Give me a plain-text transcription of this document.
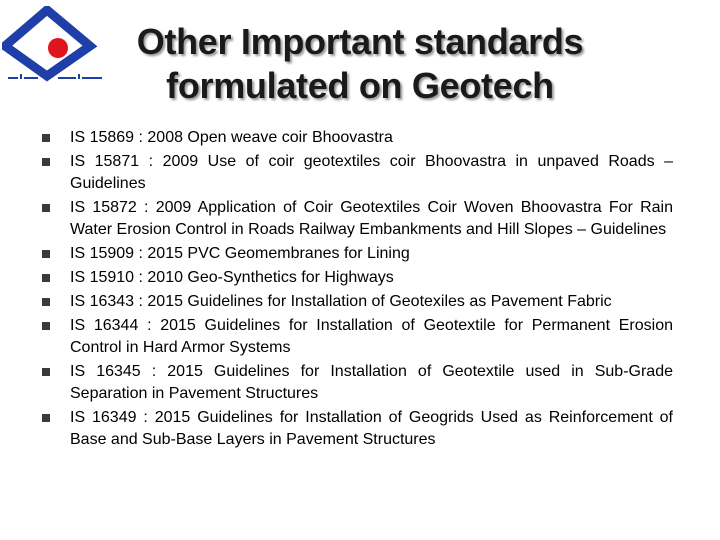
Other Important standards
formulated on Geotech
IS 15869 : 2008 Open weave coir Bhoovastra
IS 15871 : 2009 Use of coir geotextiles coir Bhoovastra in unpaved Roads – Guidelines
IS 15872 : 2009 Application of Coir Geotextiles Coir Woven Bhoovastra For Rain Water Erosion Control in Roads Railway Embankments and Hill Slopes – Guidelines
IS 15909 : 2015 PVC Geomembranes for Lining
IS 15910 : 2010 Geo-Synthetics for Highways
IS 16343 : 2015 Guidelines for Installation of Geotexiles as Pavement Fabric
IS 16344 : 2015 Guidelines for Installation of Geotextile for Permanent Erosion Control in Hard Armor Systems
IS 16345 : 2015 Guidelines for Installation of Geotextile used in Sub-Grade Separation in Pavement Structures
IS 16349 : 2015 Guidelines for Installation of Geogrids Used as Reinforcement of Base and Sub-Base Layers in Pavement Structures
